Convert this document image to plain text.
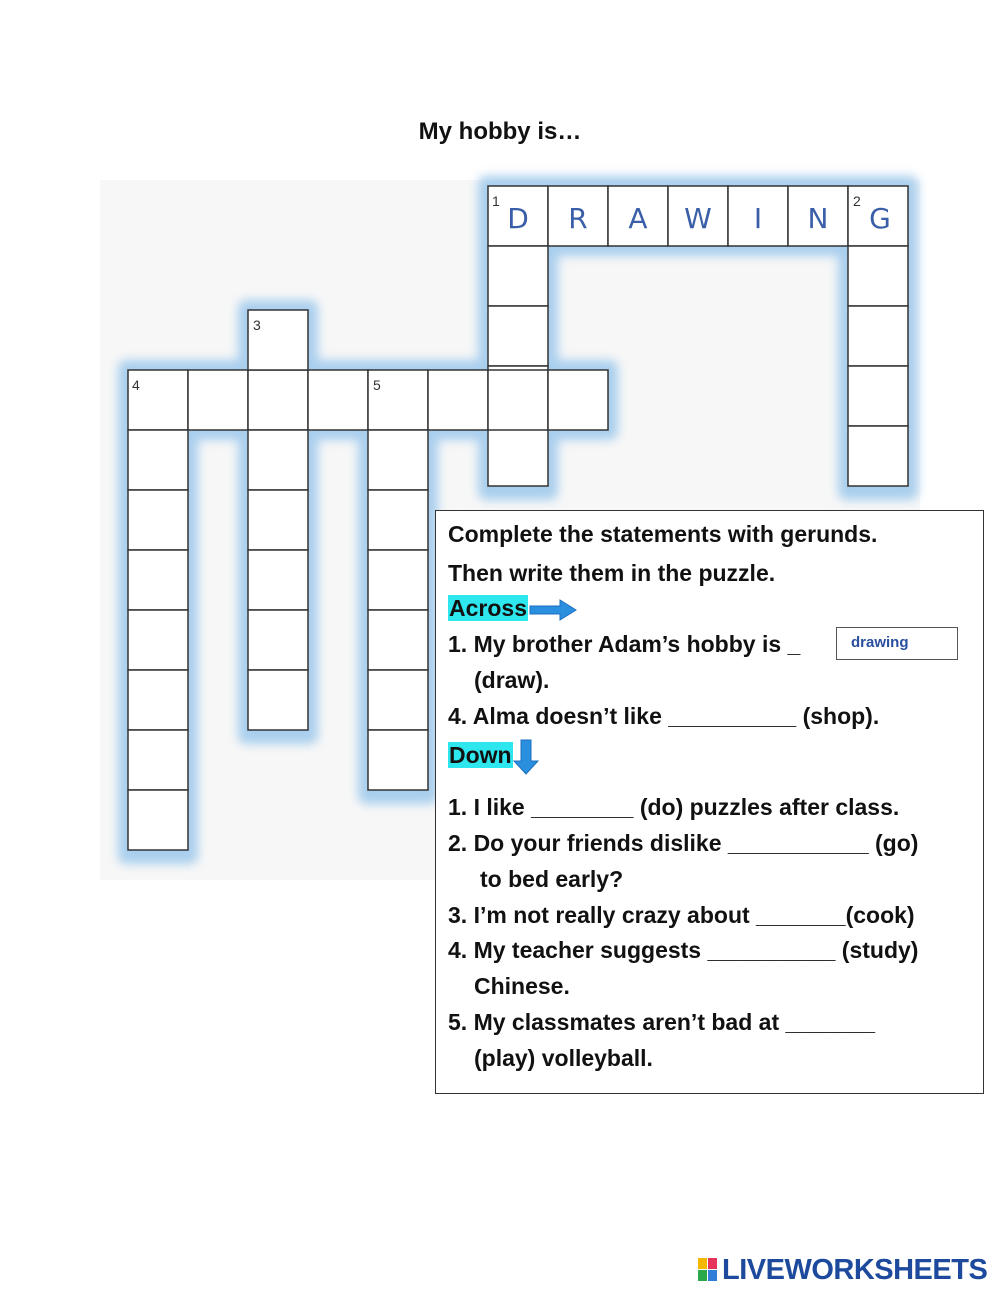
My hobby is…
1	2
3
4	5
D R A W I N G
Complete the statements with gerunds.
Then write them in the puzzle.
Across
1. My brother Adam’s hobby is _
(draw).
4. Alma doesn’t like __________ (shop).
Down
1. I like ________ (do) puzzles after class.
2. Do your friends dislike ___________ (go)
to bed early?
3. I’m not really crazy about _______(cook)
4. My teacher suggests __________ (study)
Chinese.
5. My classmates aren’t bad at _______
(play) volleyball.
drawing
LIVEWORKSHEETS
